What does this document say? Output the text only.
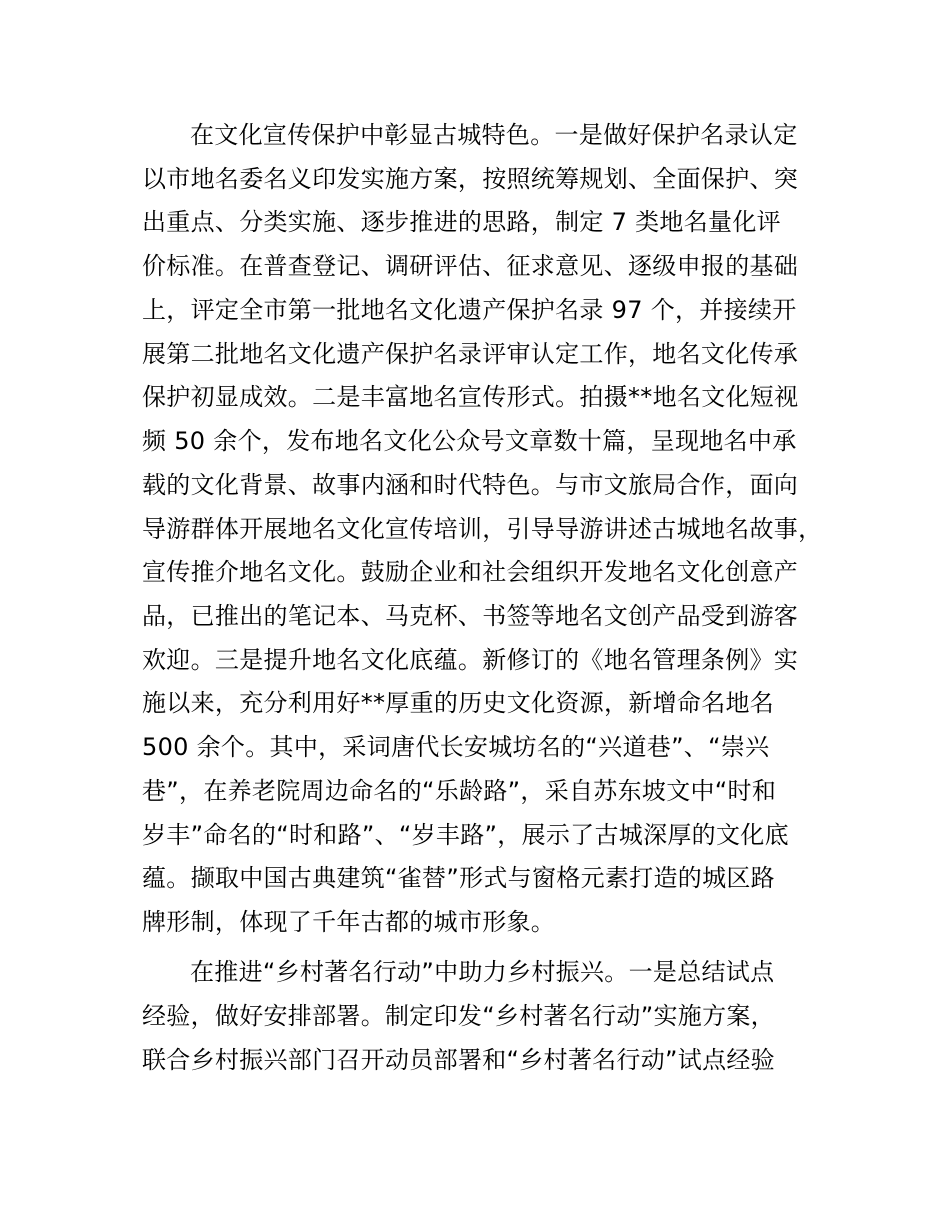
在文化宣传保护中彰显古城特色。一是做好保护名录认定
以市地名委名义印发实施方案，按照统筹规划、全面保护、突
出重点、分类实施、逐步推进的思路，制定 7 类地名量化评
价标准。在普查登记、调研评估、征求意见、逐级申报的基础
上，评定全市第一批地名文化遗产保护名录 97 个，并接续开
展第二批地名文化遗产保护名录评审认定工作，地名文化传承
保护初显成效。二是丰富地名宣传形式。拍摄**地名文化短视
频 50 余个，发布地名文化公众号文章数十篇，呈现地名中承
载的文化背景、故事内涵和时代特色。与市文旅局合作，面向
导游群体开展地名文化宣传培训，引导导游讲述古城地名故事，
宣传推介地名文化。鼓励企业和社会组织开发地名文化创意产
品，已推出的笔记本、马克杯、书签等地名文创产品受到游客
欢迎。三是提升地名文化底蕴。新修订的《地名管理条例》实
施以来，充分利用好**厚重的历史文化资源，新增命名地名
500 余个。其中，采词唐代长安城坊名的“兴道巷”、“崇兴
巷”，在养老院周边命名的“乐龄路”，采自苏东坡文中“时和
岁丰”命名的“时和路”、“岁丰路”，展示了古城深厚的文化底
蕴。撷取中国古典建筑“雀替”形式与窗格元素打造的城区路
牌形制，体现了千年古都的城市形象。
在推进“乡村著名行动”中助力乡村振兴。一是总结试点
经验，做好安排部署。制定印发“乡村著名行动”实施方案，
联合乡村振兴部门召开动员部署和“乡村著名行动”试点经验
